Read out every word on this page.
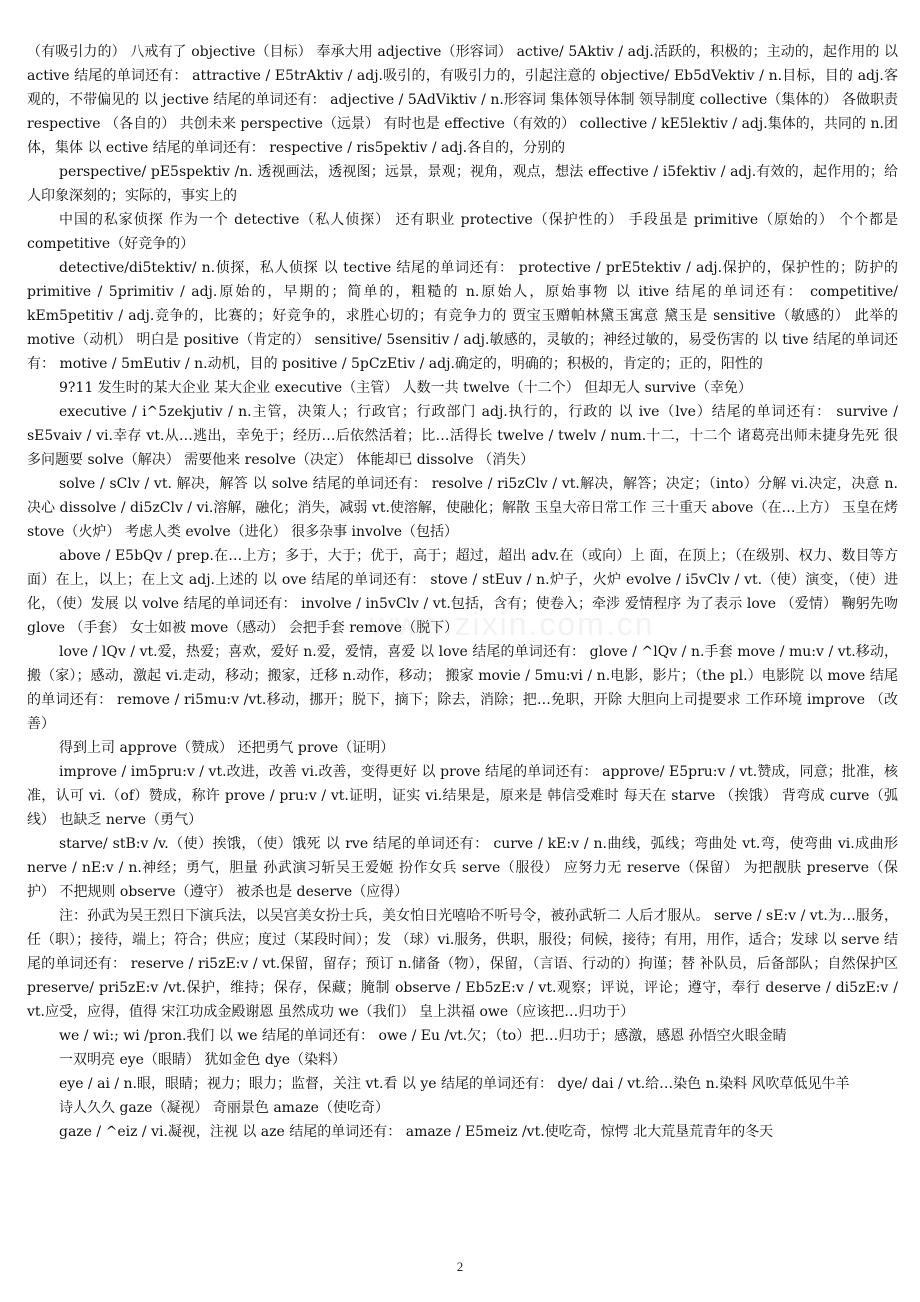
（有吸引力的） 八戒有了 objective（目标） 奉承大用 adjective（形容词） active/ 5Aktiv / adj.活跃的，积极的；主动的，起作用的 以 active 结尾的单词还有： attractive / E5trAktiv / adj.吸引的，有吸引力的，引起注意的 objective/ Eb5dVektiv / n.目标，目的 adj.客观的，不带偏见的 以 jective 结尾的单词还有： adjective / 5AdViktiv / n.形容词 集体领导体制 领导制度 collective（集体的） 各做职责 respective （各自的） 共创未来 perspective（远景） 有时也是 effective（有效的） collective / kE5lektiv / adj.集体的，共同的 n.团体，集体 以 ective 结尾的单词还有： respective / ris5pektiv / adj.各自的，分别的

perspective/ pE5spektiv /n. 透视画法，透视图；远景，景观；视角，观点，想法 effective / i5fektiv / adj.有效的，起作用的；给人印象深刻的；实际的，事实上的

中国的私家侦探 作为一个 detective（私人侦探） 还有职业 protective（保护性的） 手段虽是 primitive（原始的） 个个都是 competitive（好竞争的）

detective/di5tektiv/ n.侦探，私人侦探 以 tective 结尾的单词还有： protective / prE5tektiv / adj.保护的，保护性的；防护的 primitive / 5primitiv / adj.原始的，早期的；简单的，粗糙的 n.原始人，原始事物 以 itive 结尾的单词还有： competitive/ kEm5petitiv / adj.竞争的，比赛的；好竞争的，求胜心切的；有竞争力的 贾宝玉赠帕林黛玉寓意 黛玉是 sensitive（敏感的） 此举的 motive（动机） 明白是 positive（肯定的） sensitive/ 5sensitiv / adj.敏感的，灵敏的；神经过敏的，易受伤害的 以 tive 结尾的单词还有： motive / 5mEutiv / n.动机，目的 positive / 5pCzEtiv / adj.确定的，明确的；积极的，肯定的；正的，阳性的

9?11 发生时的某大企业 某大企业 executive（主管） 人数一共 twelve（十二个） 但却无人 survive（幸免）

executive / i^5zekjutiv / n.主管，决策人；行政官；行政部门 adj.执行的，行政的 以 ive（lve）结尾的单词还有： survive / sE5vaiv / vi.幸存 vt.从…逃出，幸免于；经历…后依然活着；比…活得长 twelve / twelv / num.十二，十二个 诸葛亮出师未捷身先死 很多问题要 solve（解决） 需要他来 resolve（决定） 体能却已 dissolve （消失）

solve / sClv / vt. 解决，解答 以 solve 结尾的单词还有： resolve / ri5zClv / vt.解决，解答；决定；（into）分解 vi.决定，决意 n.决心 dissolve / di5zClv / vi.溶解，融化；消失，减弱 vt.使溶解，使融化；解散 玉皇大帝日常工作 三十重天 above（在…上方） 玉皇在烤 stove（火炉） 考虑人类 evolve（进化） 很多杂事 involve（包括）

above / E5bQv / prep.在…上方；多于，大于；优于，高于；超过，超出 adv.在（或向）上 面，在顶上；（在级别、权力、数目等方面）在上，以上；在上文 adj.上述的 以 ove 结尾的单词还有： stove / stEuv / n.炉子，火炉 evolve / i5vClv / vt.（使）演变，（使）进化，（使）发展 以 volve 结尾的单词还有： involve / in5vClv / vt.包括，含有；使卷入；牵涉 爱情程序 为了表示 love （爱情） 鞠躬先吻 glove （手套） 女士如被 move（感动） 会把手套 remove（脱下）

love / lQv / vt.爱，热爱；喜欢，爱好 n.爱，爱情，喜爱 以 love 结尾的单词还有： glove / ^lQv / n.手套 move / mu:v / vt.移动，搬（家）；感动，激起 vi.走动，移动；搬家，迁移 n.动作，移动； 搬家 movie / 5mu:vi / n.电影，影片；（the pl.）电影院 以 move 结尾的单词还有： remove / ri5mu:v /vt.移动，挪开；脱下，摘下；除去，消除；把…免职，开除 大胆向上司提要求 工作环境 improve （改善）

得到上司 approve（赞成） 还把勇气 prove（证明）

improve / im5pru:v / vt.改进，改善 vi.改善，变得更好 以 prove 结尾的单词还有： approve/ E5pru:v / vt.赞成，同意；批准，核准，认可 vi.（of）赞成，称许 prove / pru:v / vt.证明，证实 vi.结果是，原来是 韩信受难时 每天在 starve （挨饿） 背弯成 curve（弧线） 也缺乏 nerve（勇气）

starve/ stB:v /v.（使）挨饿，（使）饿死 以 rve 结尾的单词还有： curve / kE:v / n.曲线，弧线；弯曲处 vt.弯，使弯曲 vi.成曲形 nerve / nE:v / n.神经；勇气，胆量 孙武演习斩吴王爱姬 扮作女兵 serve（服役） 应努力无 reserve（保留） 为把靓肤 preserve（保护） 不把规则 observe（遵守） 被杀也是 deserve（应得）

注：孙武为吴王烈日下演兵法，以吴宫美女扮士兵，美女怕日光嘻哈不听号令，被孙武斩二 人后才服从。 serve / sE:v / vt.为…服务，任（职）；接待，端上；符合；供应；度过（某段时间）；发 （球）vi.服务，供职，服役；伺候，接待；有用，用作，适合；发球 以 serve 结尾的单词还有： reserve / ri5zE:v / vt.保留，留存；预订 n.储备（物），保留，（言语、行动的）拘谨；替 补队员，后备部队；自然保护区 preserve/ pri5zE:v /vt.保护，维持；保存，保藏；腌制 observe / Eb5zE:v / vt.观察；评说，评论；遵守，奉行 deserve / di5zE:v / vt.应受，应得，值得 宋江功成金殿谢恩 虽然成功 we（我们） 皇上洪福 owe（应该把…归功于）

we / wi:; wi /pron.我们 以 we 结尾的单词还有： owe / Eu /vt.欠；（to）把…归功于；感激，感恩 孙悟空火眼金睛

一双明亮 eye（眼睛） 犹如金色 dye（染料）

eye / ai / n.眼，眼睛；视力；眼力；监督，关注 vt.看 以 ye 结尾的单词还有： dye/ dai / vt.给…染色 n.染料 风吹草低见牛羊

诗人久久 gaze（凝视） 奇丽景色 amaze（使吃奇）

gaze / ^eiz / vi.凝视，注视 以 aze 结尾的单词还有： amaze / E5meiz /vt.使吃奇，惊愕 北大荒垦荒青年的冬天

www.zixin.com.cn
2
